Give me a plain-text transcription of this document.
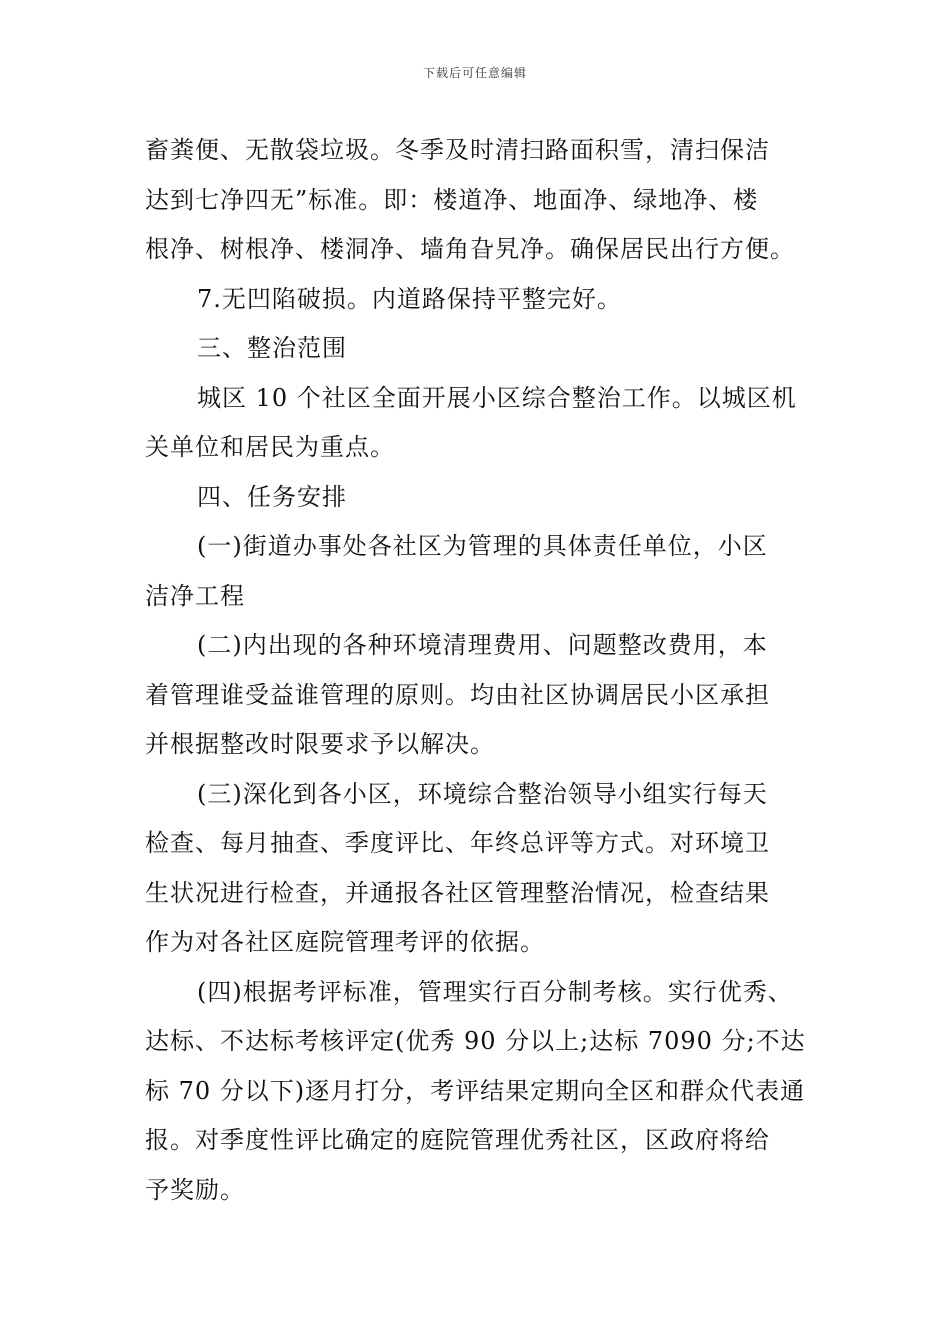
下载后可任意编辑
畜粪便、无散袋垃圾。冬季及时清扫路面积雪，清扫保洁
达到七净四无”标准。即：楼道净、地面净、绿地净、楼
根净、树根净、楼洞净、墙角旮旯净。确保居民出行方便。
7.无凹陷破损。内道路保持平整完好。
三、整治范围
城区 10 个社区全面开展小区综合整治工作。以城区机
关单位和居民为重点。
四、任务安排
(一)街道办事处各社区为管理的具体责任单位，小区
洁净工程
(二)内出现的各种环境清理费用、问题整改费用，本
着管理谁受益谁管理的原则。均由社区协调居民小区承担
并根据整改时限要求予以解决。
(三)深化到各小区，环境综合整治领导小组实行每天
检查、每月抽查、季度评比、年终总评等方式。对环境卫
生状况进行检查，并通报各社区管理整治情况，检查结果
作为对各社区庭院管理考评的依据。
(四)根据考评标准，管理实行百分制考核。实行优秀、
达标、不达标考核评定(优秀 90 分以上;达标 7090 分;不达
标 70 分以下)逐月打分，考评结果定期向全区和群众代表通
报。对季度性评比确定的庭院管理优秀社区，区政府将给
予奖励。
